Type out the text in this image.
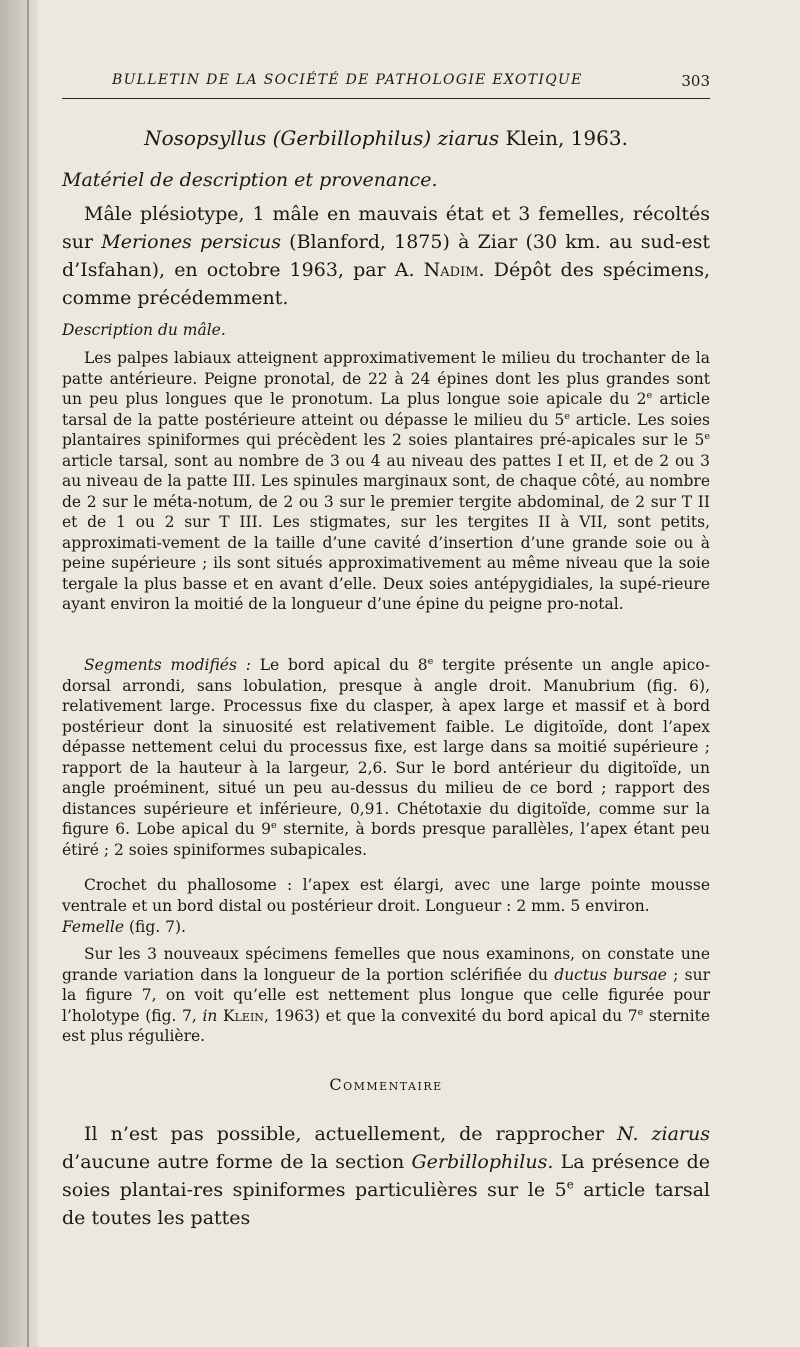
BULLETIN DE LA SOCIÉTÉ DE PATHOLOGIE EXOTIQUE	303
Nosopsyllus (Gerbillophilus) ziarus Klein, 1963.
Matériel de description et provenance.
Mâle plésiotype, 1 mâle en mauvais état et 3 femelles, récoltés sur Meriones persicus (Blanford, 1875) à Ziar (30 km. au sud-est d’Isfahan), en octobre 1963, par A. Nadim. Dépôt des spécimens, comme précédemment.
Description du mâle.
Les palpes labiaux atteignent approximativement le milieu du trochanter de la patte antérieure. Peigne pronotal, de 22 à 24 épines dont les plus grandes sont un peu plus longues que le pronotum. La plus longue soie apicale du 2e article tarsal de la patte postérieure atteint ou dépasse le milieu du 5e article. Les soies plantaires spiniformes qui précèdent les 2 soies plantaires pré-apicales sur le 5e article tarsal, sont au nombre de 3 ou 4 au niveau des pattes I et II, et de 2 ou 3 au niveau de la patte III. Les spinules marginaux sont, de chaque côté, au nombre de 2 sur le méta-notum, de 2 ou 3 sur le premier tergite abdominal, de 2 sur T II et de 1 ou 2 sur T III. Les stigmates, sur les tergites II à VII, sont petits, approximati-vement de la taille d’une cavité d’insertion d’une grande soie ou à peine supérieure ; ils sont situés approximativement au même niveau que la soie tergale la plus basse et en avant d’elle. Deux soies antépygidiales, la supé-rieure ayant environ la moitié de la longueur d’une épine du peigne pro-notal.
Segments modifiés : Le bord apical du 8e tergite présente un angle apico-dorsal arrondi, sans lobulation, presque à angle droit. Manubrium (fig. 6), relativement large. Processus fixe du clasper, à apex large et massif et à bord postérieur dont la sinuosité est relativement faible. Le digitoïde, dont l’apex dépasse nettement celui du processus fixe, est large dans sa moitié supérieure ; rapport de la hauteur à la largeur, 2,6. Sur le bord antérieur du digitoïde, un angle proéminent, situé un peu au-dessus du milieu de ce bord ; rapport des distances supérieure et inférieure, 0,91. Chétotaxie du digitoïde, comme sur la figure 6. Lobe apical du 9e sternite, à bords presque parallèles, l’apex étant peu étiré ; 2 soies spiniformes subapicales.
Crochet du phallosome : l’apex est élargi, avec une large pointe mousse ventrale et un bord distal ou postérieur droit. Longueur : 2 mm. 5 environ.
Femelle (fig. 7).
Sur les 3 nouveaux spécimens femelles que nous examinons, on constate une grande variation dans la longueur de la portion sclérifiée du ductus bursae ; sur la figure 7, on voit qu’elle est nettement plus longue que celle figurée pour l’holotype (fig. 7, in Klein, 1963) et que la convexité du bord apical du 7e sternite est plus régulière.
Commentaire
Il n’est pas possible, actuellement, de rapprocher N. ziarus d’aucune autre forme de la section Gerbillophilus. La présence de soies plantai-res spiniformes particulières sur le 5e article tarsal de toutes les pattes
